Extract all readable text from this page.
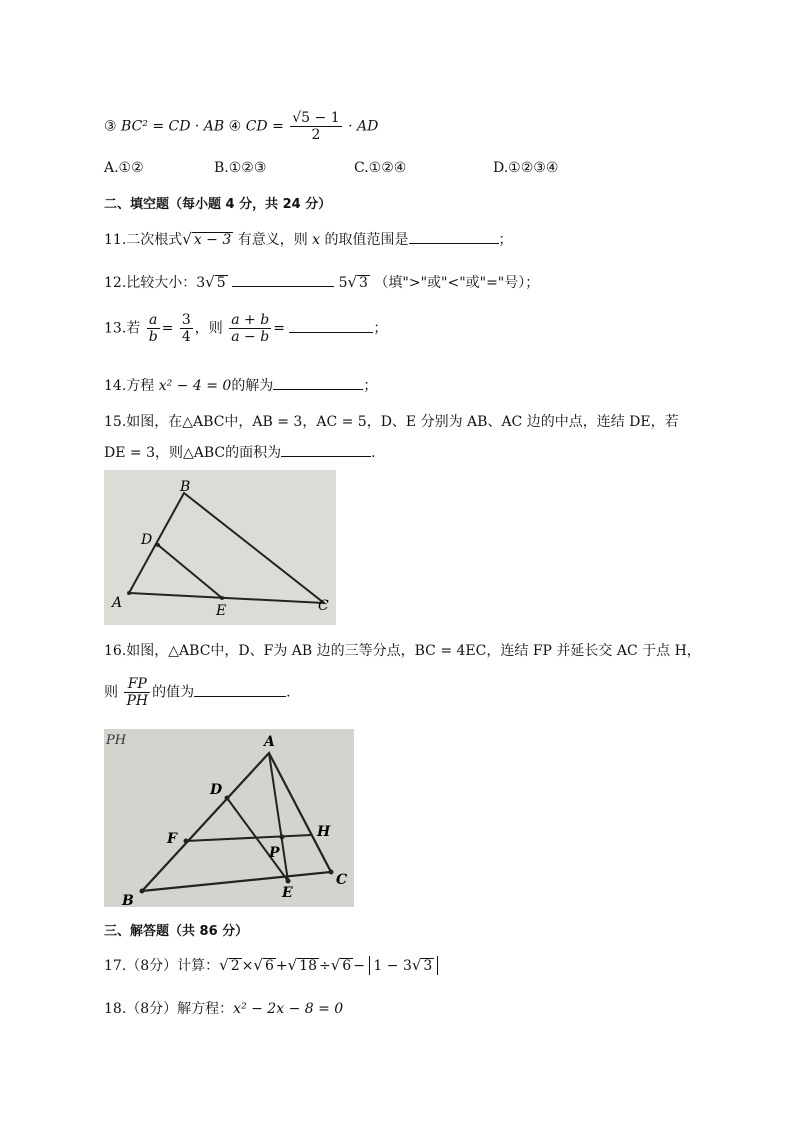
③ BC² = CD · AB ④ CD = $\frac{√5 - 1}{2}$ · AD
A.①②	B.①②③	C.①②④	D.①②③④
二、填空题（每小题 4 分，共 24 分）
11.二次根式√ x − 3 有意义，则 x 的取值范围是	；
12.比较大小：3√ 5	5√ 3 （填">"或"<"或"="号）；
13.若 $\frac{a}{b} = \frac{3}{4}$ ，则 $\frac{a + b}{a - b}$ =	；
14.方程 x² − 4 = 0的解为	；
15.如图，在△ABC中，AB = 3，AC = 5，D、E 分别为 AB、AC 边的中点，连结 DE，若
DE = 3，则△ABC的面积为	.
B
D
A	E	C
16.如图，△ABC中，D、F为 AB 边的三等分点，BC = 4EC，连结 FP 并延长交 AC 于点 H，
则 $\frac{FP}{PH}$ 的值为	.
PH	A
D
F
P
H
B	E
C
三、解答题（共 86 分）
17.（8分）计算：√ 2 ×√ 6 +√ 18 ÷√ 6 − 1 − 3√ 3
18.（8分）解方程：x² − 2x − 8 = 0
